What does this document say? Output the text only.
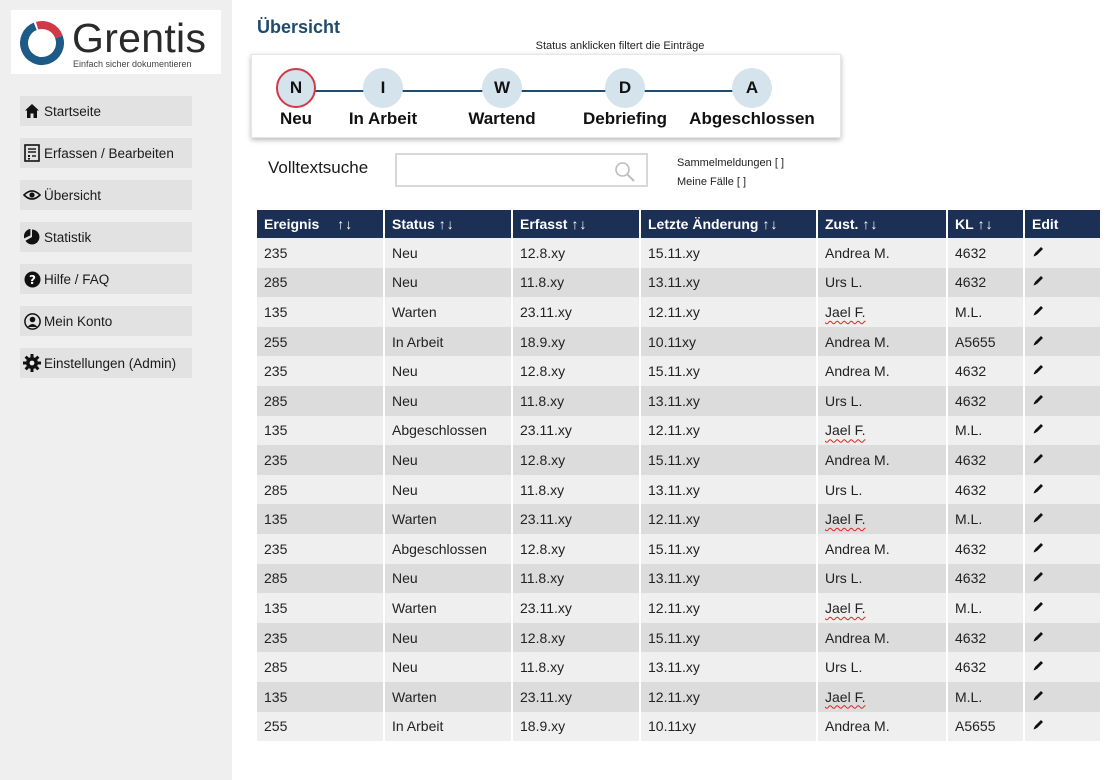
Grentis
Einfach sicher dokumentieren
Startseite
Erfassen / Bearbeiten
Übersicht
Statistik
? Hilfe / FAQ
Mein Konto
Einstellungen (Admin)
Übersicht
Status anklicken filtert die Einträge
N
Neu
I
In Arbeit
W
Wartend
D
Debriefing
A
Abgeschlossen
Volltextsuche	Sammelmeldungen [ ]
Meine Fälle [ ]
Ereignis ↑↓	Status ↑↓	Erfasst ↑↓	Letzte Änderung ↑↓	Zust. ↑↓	KL ↑↓	Edit
235	Neu	12.8.xy	15.11.xy	Andrea M.	4632	
285	Neu	11.8.xy	13.11.xy	Urs L.	4632	
135	Warten	23.11.xy	12.11.xy	Jael F.	M.L.	
255	In Arbeit	18.9.xy	10.11xy	Andrea M.	A5655	
235	Neu	12.8.xy	15.11.xy	Andrea M.	4632	
285	Neu	11.8.xy	13.11.xy	Urs L.	4632	
135	Abgeschlossen	23.11.xy	12.11.xy	Jael F.	M.L.	
235	Neu	12.8.xy	15.11.xy	Andrea M.	4632	
285	Neu	11.8.xy	13.11.xy	Urs L.	4632	
135	Warten	23.11.xy	12.11.xy	Jael F.	M.L.	
235	Abgeschlossen	12.8.xy	15.11.xy	Andrea M.	4632	
285	Neu	11.8.xy	13.11.xy	Urs L.	4632	
135	Warten	23.11.xy	12.11.xy	Jael F.	M.L.	
235	Neu	12.8.xy	15.11.xy	Andrea M.	4632	
285	Neu	11.8.xy	13.11.xy	Urs L.	4632	
135	Warten	23.11.xy	12.11.xy	Jael F.	M.L.	
255	In Arbeit	18.9.xy	10.11xy	Andrea M.	A5655	
